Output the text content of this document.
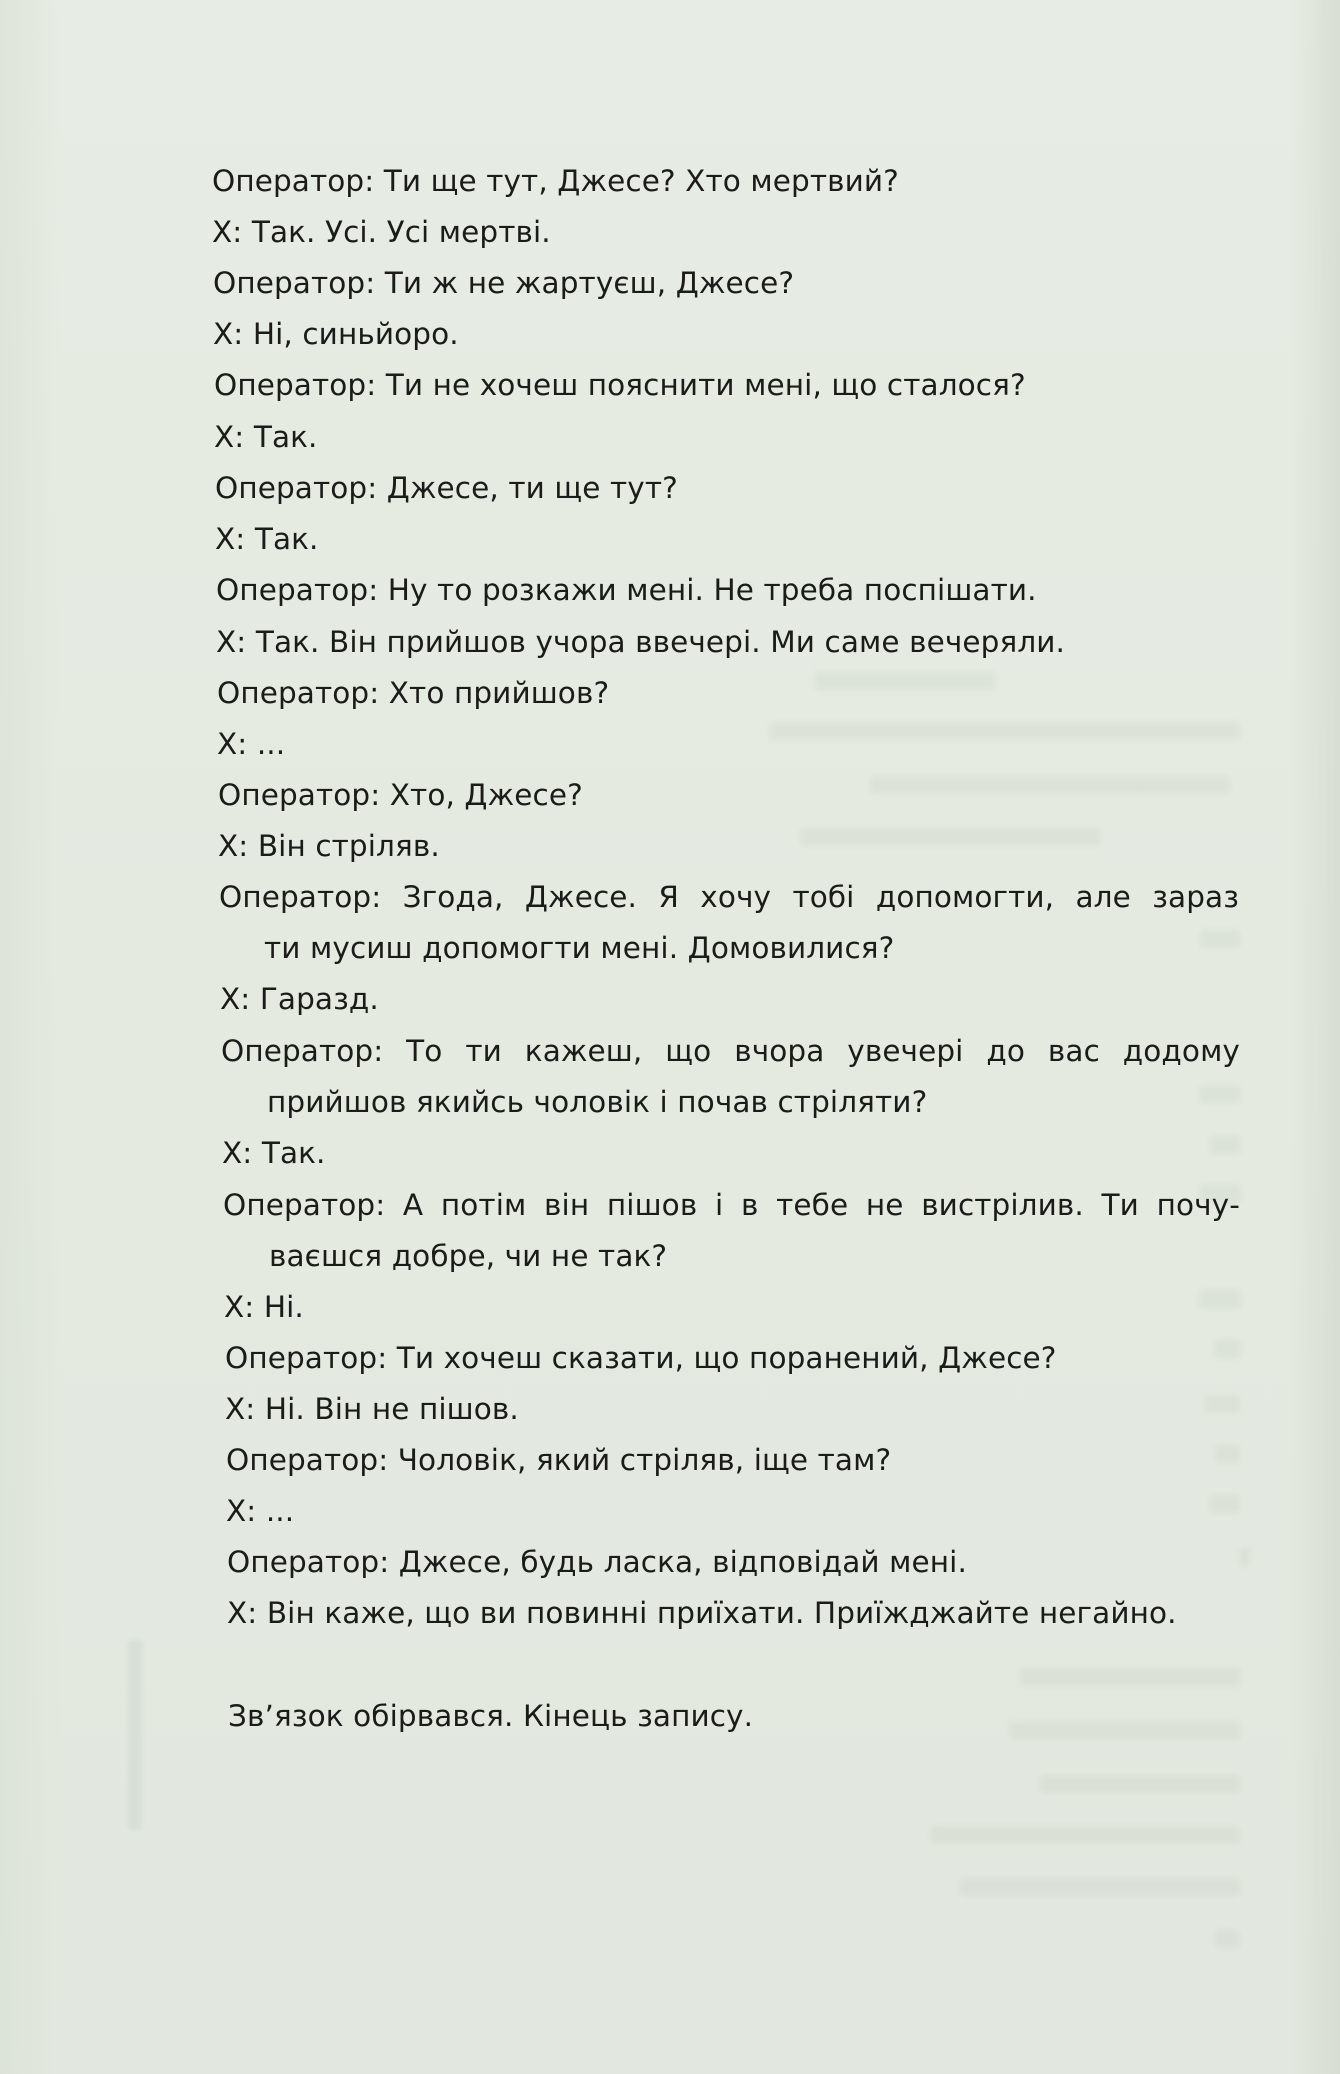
Оператор: Ти ще тут, Джесе? Хто мертвий?
Х: Так. Усі. Усі мертві.
Оператор: Ти ж не жартуєш, Джесе?
Х: Ні, синьйоро.
Оператор: Ти не хочеш пояснити мені, що сталося?
Х: Так.
Оператор: Джесе, ти ще тут?
Х: Так.
Оператор: Ну то розкажи мені. Не треба поспішати.
Х: Так. Він прийшов учора ввечері. Ми саме вечеряли.
Оператор: Хто прийшов?
Х: ...
Оператор: Хто, Джесе?
Х: Він стріляв.
Оператор: Згода, Джесе. Я хочу тобі допомогти, але зараз
ти мусиш допомогти мені. Домовилися?
Х: Гаразд.
Оператор: То ти кажеш, що вчора увечері до вас додому
прийшов якийсь чоловік і почав стріляти?
Х: Так.
Оператор: А потім він пішов і в тебе не вистрілив. Ти почу-
ваєшся добре, чи не так?
Х: Ні.
Оператор: Ти хочеш сказати, що поранений, Джесе?
Х: Ні. Він не пішов.
Оператор: Чоловік, який стріляв, іще там?
Х: ...
Оператор: Джесе, будь ласка, відповідай мені.
Х: Він каже, що ви повинні приїхати. Приїжджайте негайно.
Зв’язок обірвався. Кінець запису.
